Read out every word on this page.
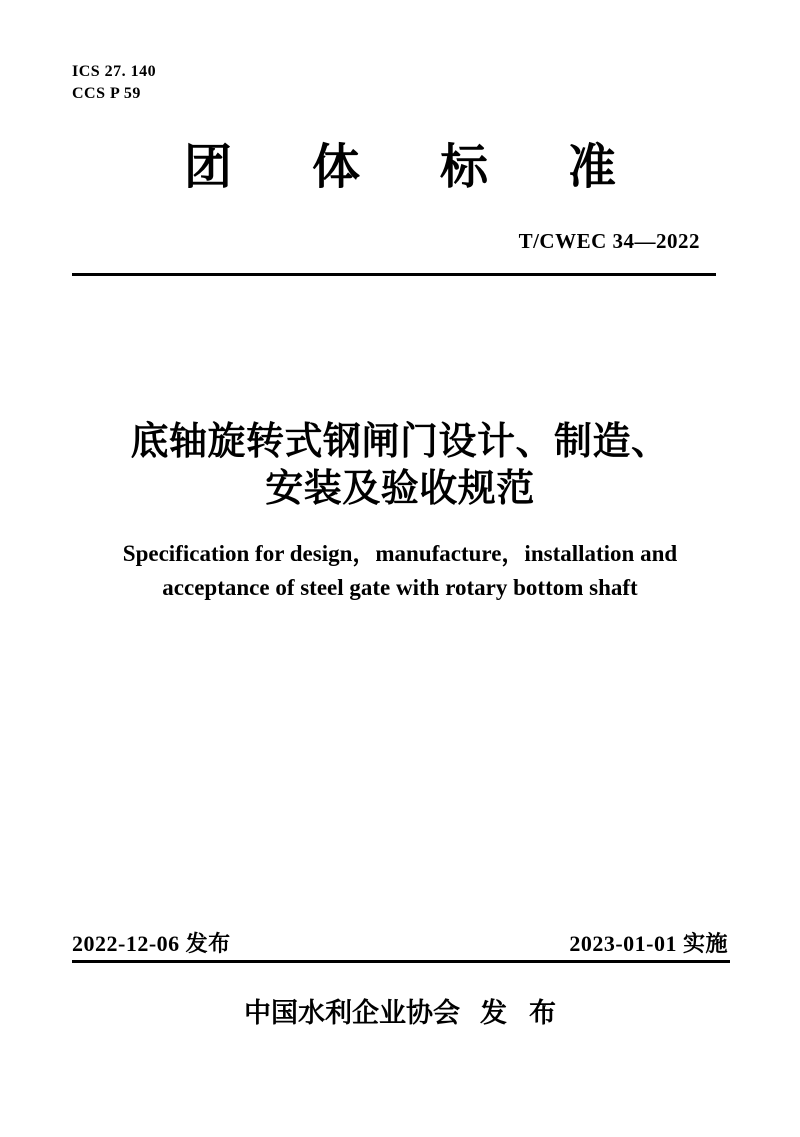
ICS 27. 140
CCS P 59
团体标准
T/CWEC 34—2022
底轴旋转式钢闸门设计、制造、
安装及验收规范
Specification for design，manufacture，installation and
acceptance of steel gate with rotary bottom shaft
2022-12-06 发布	2023-01-01 实施
中国水利企业协会 发布
